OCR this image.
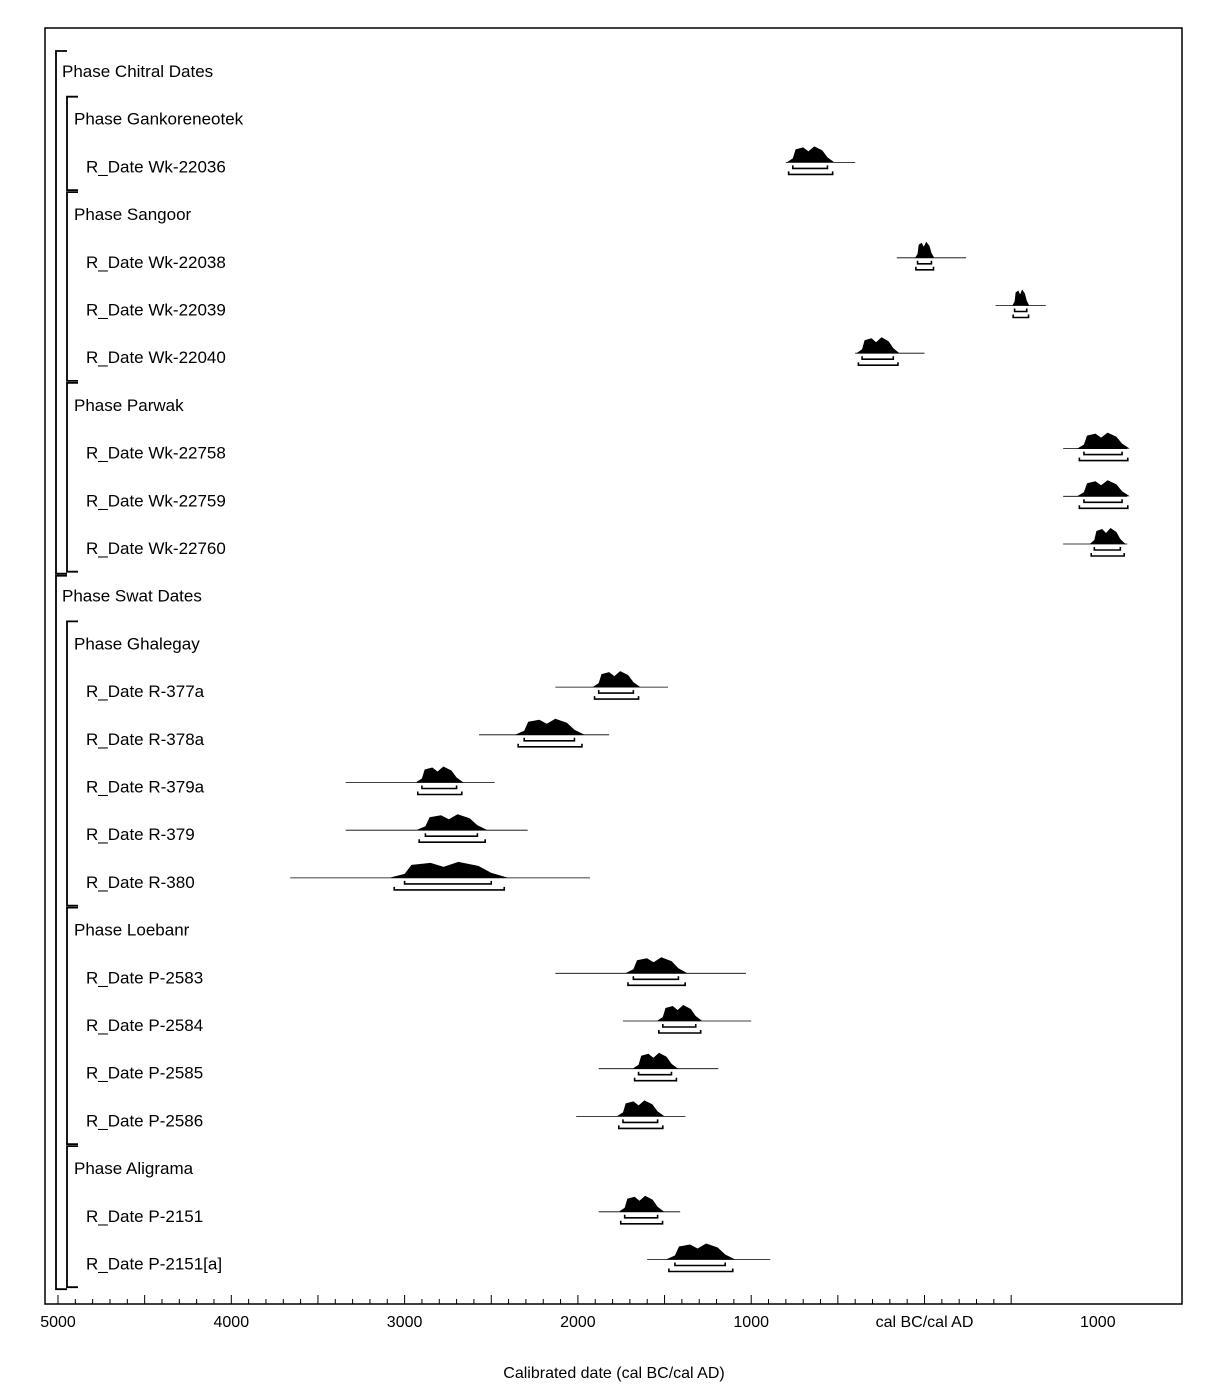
Phase Chitral Dates
Phase Gankoreneotek
R_Date Wk-22036
Phase Sangoor
R_Date Wk-22038
R_Date Wk-22039
R_Date Wk-22040
Phase Parwak
R_Date Wk-22758
R_Date Wk-22759
R_Date Wk-22760
Phase Swat Dates
Phase Ghalegay
R_Date R-377a
R_Date R-378a
R_Date R-379a
R_Date R-379
R_Date R-380
Phase Loebanr
R_Date P-2583
R_Date P-2584
R_Date P-2585
R_Date P-2586
Phase Aligrama
R_Date P-2151
R_Date P-2151[a]
5000	4000	3000	2000	1000	cal BC/cal AD	1000
Calibrated date (cal BC/cal AD)
